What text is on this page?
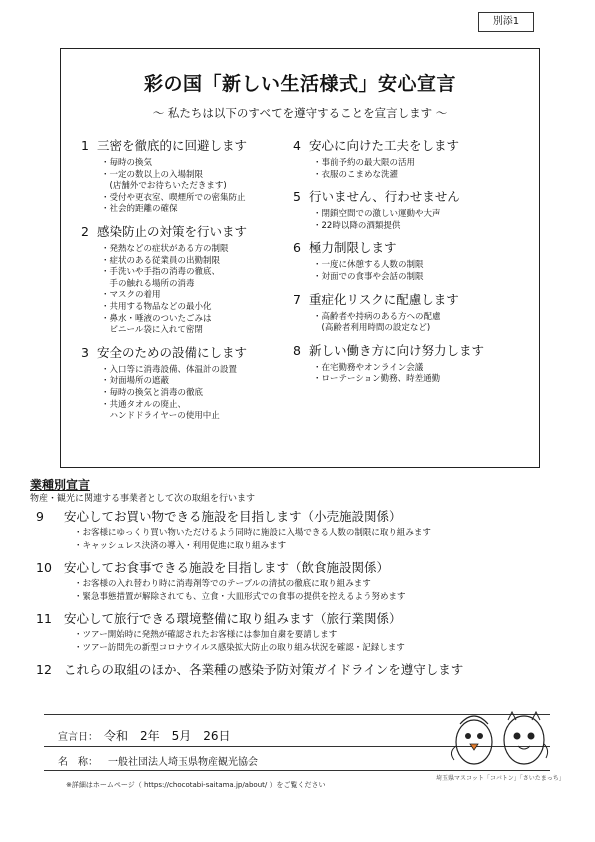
別添1
彩の国「新しい生活様式」安心宣言
～ 私たちは以下のすべてを遵守することを宣言します ～
1 三密を徹底的に回避します
・毎時の換気
・一定の数以上の入場制限
　(店舗外でお待ちいただきます)
・受付や更衣室、喫煙所での密集防止
・社会的距離の確保
2 感染防止の対策を行います
・発熱などの症状がある方の制限
・症状のある従業員の出勤制限
・手洗いや手指の消毒の徹底、
　手の触れる場所の消毒
・マスクの着用
・共用する物品などの最小化
・鼻水・唾液のついたごみは
　ビニール袋に入れて密閉
3 安全のための設備にします
・入口等に消毒設備、体温計の設置
・対面場所の遮蔽
・毎時の換気と消毒の徹底
・共通タオルの廃止、
　ハンドドライヤーの使用中止
4 安心に向けた工夫をします
・事前予約の最大限の活用
・衣服のこまめな洗濯
5 行いません、行わせません
・閉鎖空間での激しい運動や大声
・22時以降の酒類提供
6 極力制限します
・一度に休憩する人数の制限
・対面での食事や会話の制限
7 重症化リスクに配慮します
・高齢者や持病のある方への配慮
　(高齢者利用時間の設定など)
8 新しい働き方に向け努力します
・在宅勤務やオンライン会議
・ローテーション勤務、時差通勤
業種別宣言
物産・観光に関連する事業者として次の取組を行います
9 安心してお買い物できる施設を目指します（小売施設関係）
・お客様にゆっくり買い物いただけるよう同時に施設に入場できる人数の制限に取り組みます
・キャッシュレス決済の導入・利用促進に取り組みます
10 安心してお食事できる施設を目指します（飲食施設関係）
・お客様の入れ替わり時に消毒剤等でのテーブルの清拭の徹底に取り組みます
・緊急事態措置が解除されても、立食・大皿形式での食事の提供を控えるよう努めます
11 安心して旅行できる環境整備に取り組みます（旅行業関係）
・ツアー開始時に発熱が確認されたお客様には参加自粛を要請します
・ツアー訪問先の新型コロナウイルス感染拡大防止の取り組み状況を確認・記録します
12 これらの取組のほか、各業種の感染予防対策ガイドラインを遵守します
宣言日： 令和　2年　5月　26日
名　称： 一般社団法人埼玉県物産観光協会
※詳細はホームページ（ https://chocotabi-saitama.jp/about/ ）をご覧ください
埼玉県マスコット「コバトン」「さいたまっち」
